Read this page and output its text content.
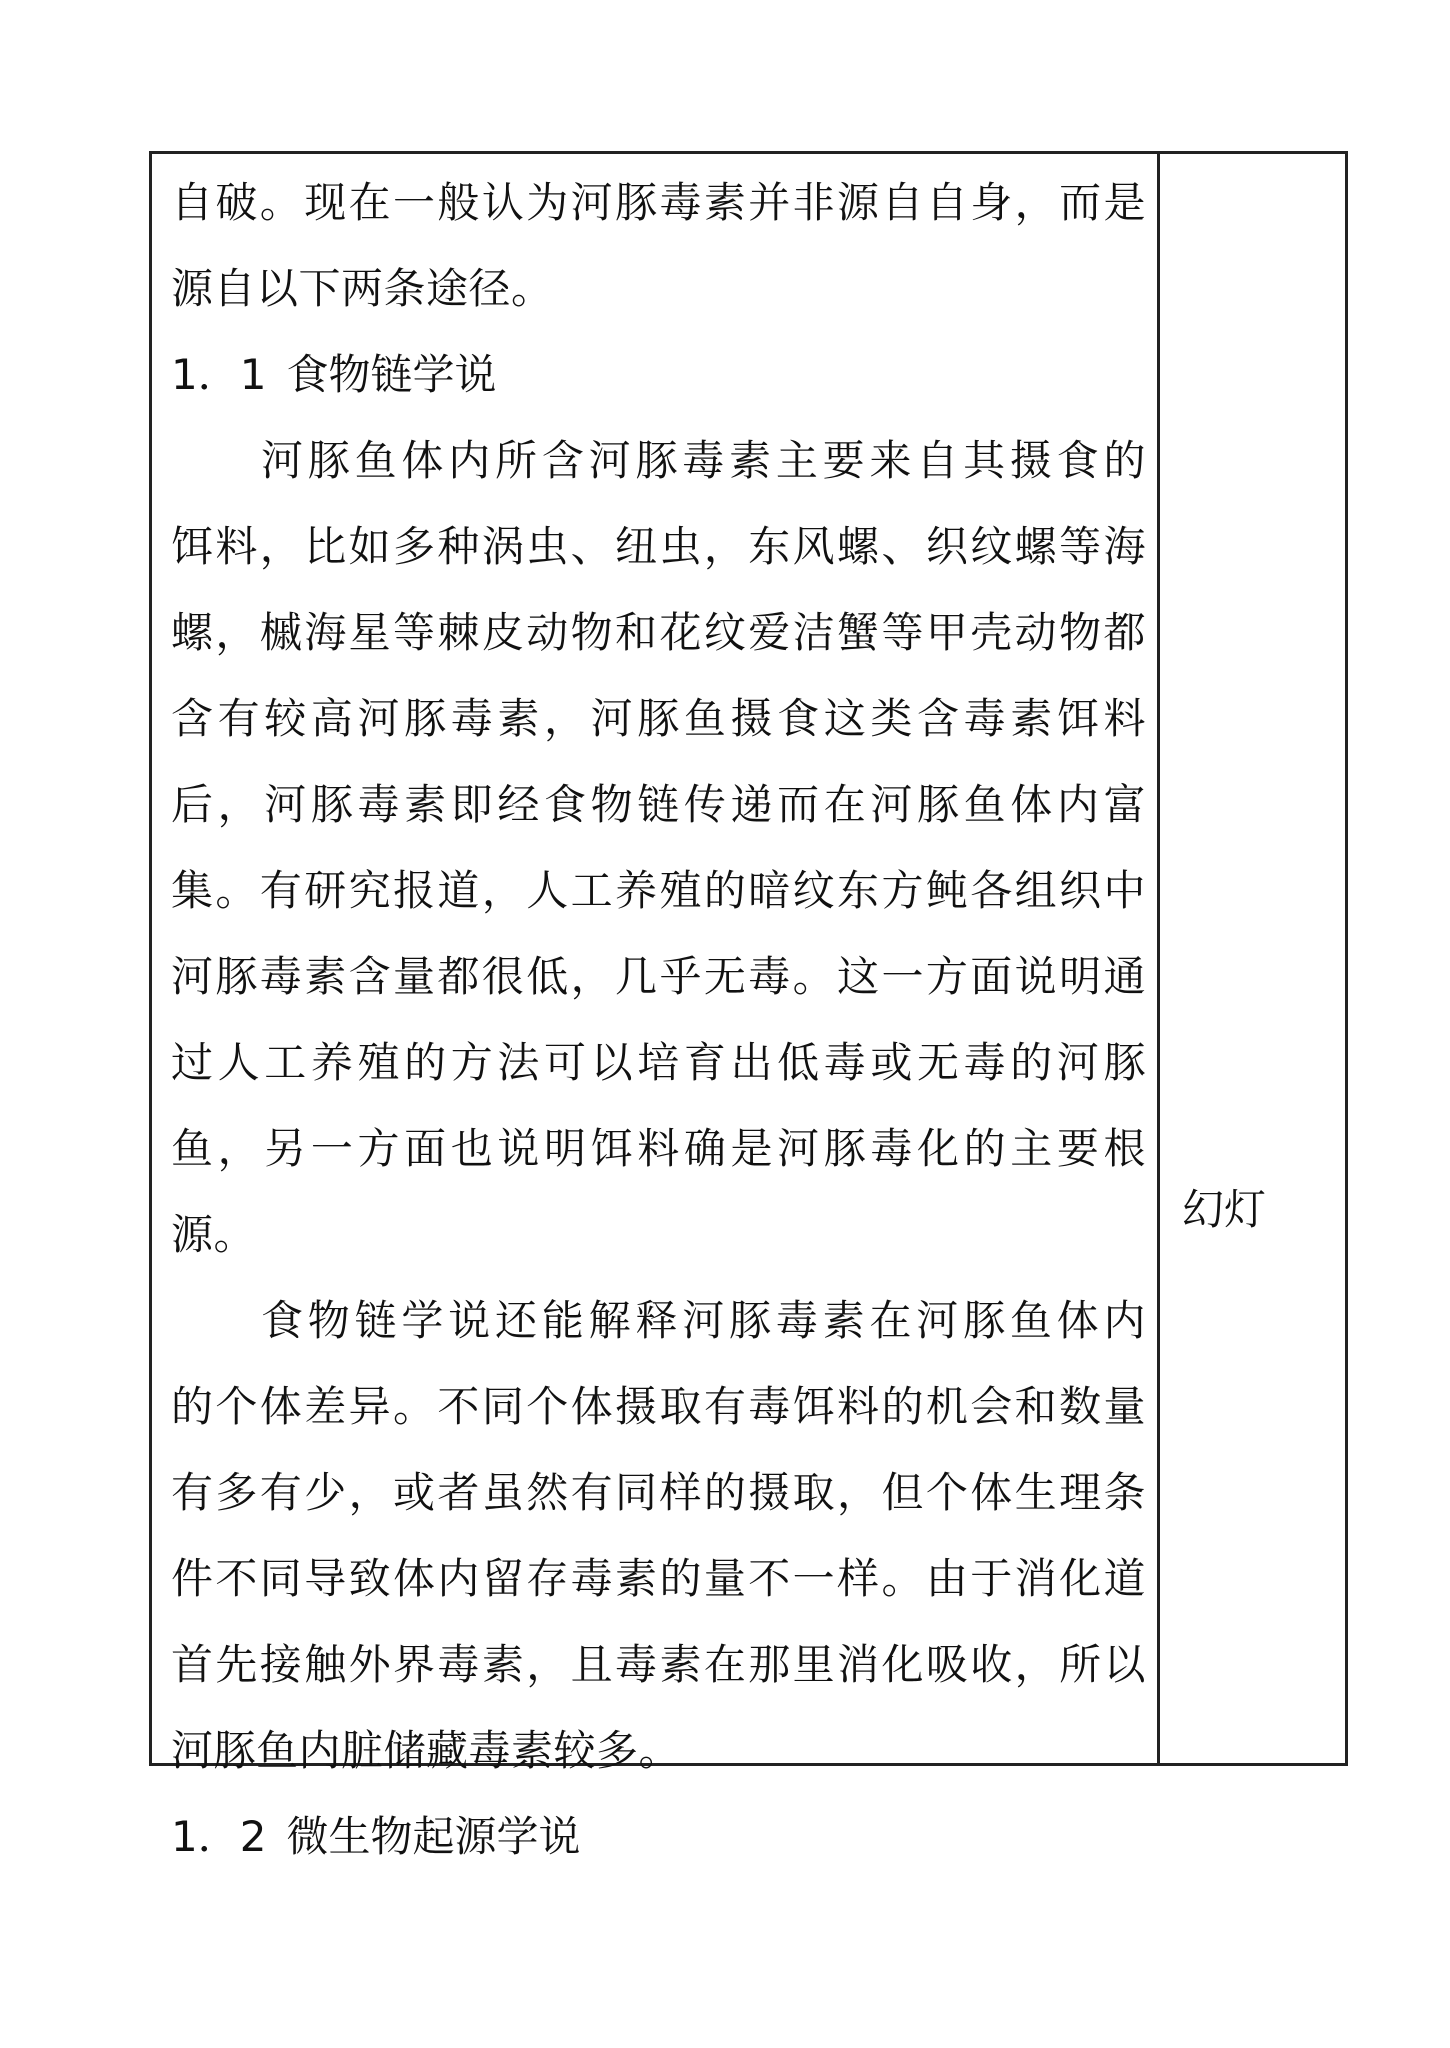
自破。现在一般认为河豚毒素并非源自自身，而是
源自以下两条途径。
1．1 食物链学说
河豚鱼体内所含河豚毒素主要来自其摄食的
饵料，比如多种涡虫、纽虫，东风螺、织纹螺等海
螺，槭海星等棘皮动物和花纹爱洁蟹等甲壳动物都
含有较高河豚毒素，河豚鱼摄食这类含毒素饵料
后，河豚毒素即经食物链传递而在河豚鱼体内富
集。有研究报道，人工养殖的暗纹东方鲀各组织中
河豚毒素含量都很低，几乎无毒。这一方面说明通
过人工养殖的方法可以培育出低毒或无毒的河豚
鱼，另一方面也说明饵料确是河豚毒化的主要根
源。
食物链学说还能解释河豚毒素在河豚鱼体内
的个体差异。不同个体摄取有毒饵料的机会和数量
有多有少，或者虽然有同样的摄取，但个体生理条
件不同导致体内留存毒素的量不一样。由于消化道
首先接触外界毒素，且毒素在那里消化吸收，所以
河豚鱼内脏储藏毒素较多。
1．2 微生物起源学说
幻灯
